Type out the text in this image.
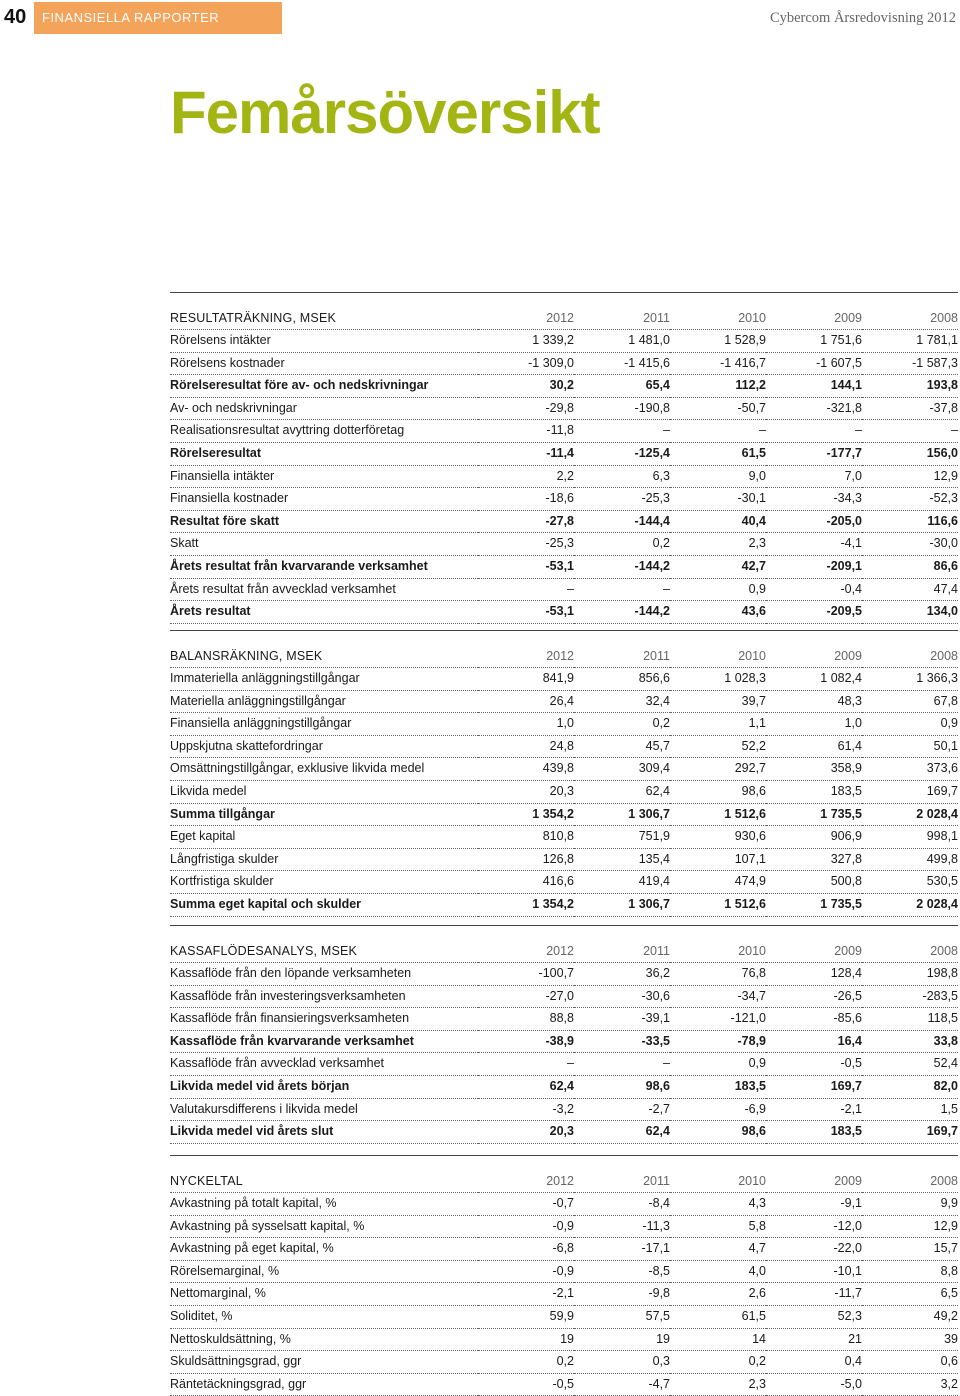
40	FINANSIELLA RAPPORTER	Cybercom Årsredovisning 2012
Femårsöversikt
RESULTATRÄKNING, MSEK	2012	2011	2010	2009	2008
Rörelsens intäkter	1 339,2	1 481,0	1 528,9	1 751,6	1 781,1
Rörelsens kostnader	-1 309,0	-1 415,6	-1 416,7	-1 607,5	-1 587,3
Rörelseresultat före av- och nedskrivningar	30,2	65,4	112,2	144,1	193,8
Av- och nedskrivningar	-29,8	-190,8	-50,7	-321,8	-37,8
Realisationsresultat avyttring dotterföretag	-11,8	–	–	–	–
Rörelseresultat	-11,4	-125,4	61,5	-177,7	156,0
Finansiella intäkter	2,2	6,3	9,0	7,0	12,9
Finansiella kostnader	-18,6	-25,3	-30,1	-34,3	-52,3
Resultat före skatt	-27,8	-144,4	40,4	-205,0	116,6
Skatt	-25,3	0,2	2,3	-4,1	-30,0
Årets resultat från kvarvarande verksamhet	-53,1	-144,2	42,7	-209,1	86,6
Årets resultat från avvecklad verksamhet	–	–	0,9	-0,4	47,4
Årets resultat	-53,1	-144,2	43,6	-209,5	134,0
BALANSRÄKNING, MSEK	2012	2011	2010	2009	2008
Immateriella anläggningstillgångar	841,9	856,6	1 028,3	1 082,4	1 366,3
Materiella anläggningstillgångar	26,4	32,4	39,7	48,3	67,8
Finansiella anläggningstillgångar	1,0	0,2	1,1	1,0	0,9
Uppskjutna skattefordringar	24,8	45,7	52,2	61,4	50,1
Omsättningstillgångar, exklusive likvida medel	439,8	309,4	292,7	358,9	373,6
Likvida medel	20,3	62,4	98,6	183,5	169,7
Summa tillgångar	1 354,2	1 306,7	1 512,6	1 735,5	2 028,4
Eget kapital	810,8	751,9	930,6	906,9	998,1
Långfristiga skulder	126,8	135,4	107,1	327,8	499,8
Kortfristiga skulder	416,6	419,4	474,9	500,8	530,5
Summa eget kapital och skulder	1 354,2	1 306,7	1 512,6	1 735,5	2 028,4
KASSAFLÖDESANALYS, MSEK	2012	2011	2010	2009	2008
Kassaflöde från den löpande verksamheten	-100,7	36,2	76,8	128,4	198,8
Kassaflöde från investeringsverksamheten	-27,0	-30,6	-34,7	-26,5	-283,5
Kassaflöde från finansieringsverksamheten	88,8	-39,1	-121,0	-85,6	118,5
Kassaflöde från kvarvarande verksamhet	-38,9	-33,5	-78,9	16,4	33,8
Kassaflöde från avvecklad verksamhet	–	–	0,9	-0,5	52,4
Likvida medel vid årets början	62,4	98,6	183,5	169,7	82,0
Valutakursdifferens i likvida medel	-3,2	-2,7	-6,9	-2,1	1,5
Likvida medel vid årets slut	20,3	62,4	98,6	183,5	169,7
NYCKELTAL	2012	2011	2010	2009	2008
Avkastning på totalt kapital, %	-0,7	-8,4	4,3	-9,1	9,9
Avkastning på sysselsatt kapital, %	-0,9	-11,3	5,8	-12,0	12,9
Avkastning på eget kapital, %	-6,8	-17,1	4,7	-22,0	15,7
Rörelsemarginal, %	-0,9	-8,5	4,0	-10,1	8,8
Nettomarginal, %	-2,1	-9,8	2,6	-11,7	6,5
Soliditet, %	59,9	57,5	61,5	52,3	49,2
Nettoskuldsättning, %	19	19	14	21	39
Skuldsättningsgrad, ggr	0,2	0,3	0,2	0,4	0,6
Räntetäckningsgrad, ggr	-0,5	-4,7	2,3	-5,0	3,2
